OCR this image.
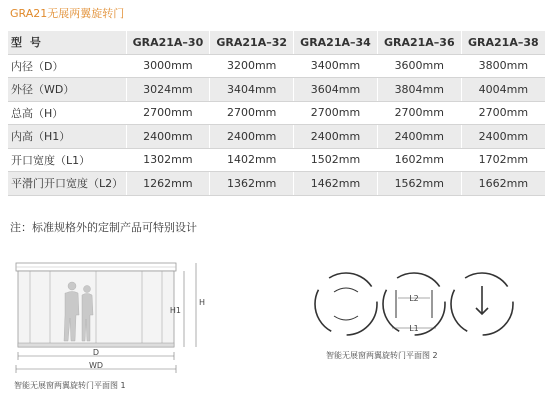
GRA21无展两翼旋转门
型 号	GRA21A–30	GRA21A–32	GRA21A–34	GRA21A–36	GRA21A–38
内径（D）	3000mm	3200mm	3400mm	3600mm	3800mm
外径（WD）	3024mm	3404mm	3604mm	3804mm	4004mm
总高（H）	2700mm	2700mm	2700mm	2700mm	2700mm
内高（H1）	2400mm	2400mm	2400mm	2400mm	2400mm
开口宽度（L1）	1302mm	1402mm	1502mm	1602mm	1702mm
平滑门开口宽度（L2）	1262mm	1362mm	1462mm	1562mm	1662mm
注：标准规格外的定制产品可特别设计
D
WD
H1
H
智能无展窗两翼旋转门平面图 1
L2
L1
智能无展窗两翼旋转门平面图 2
